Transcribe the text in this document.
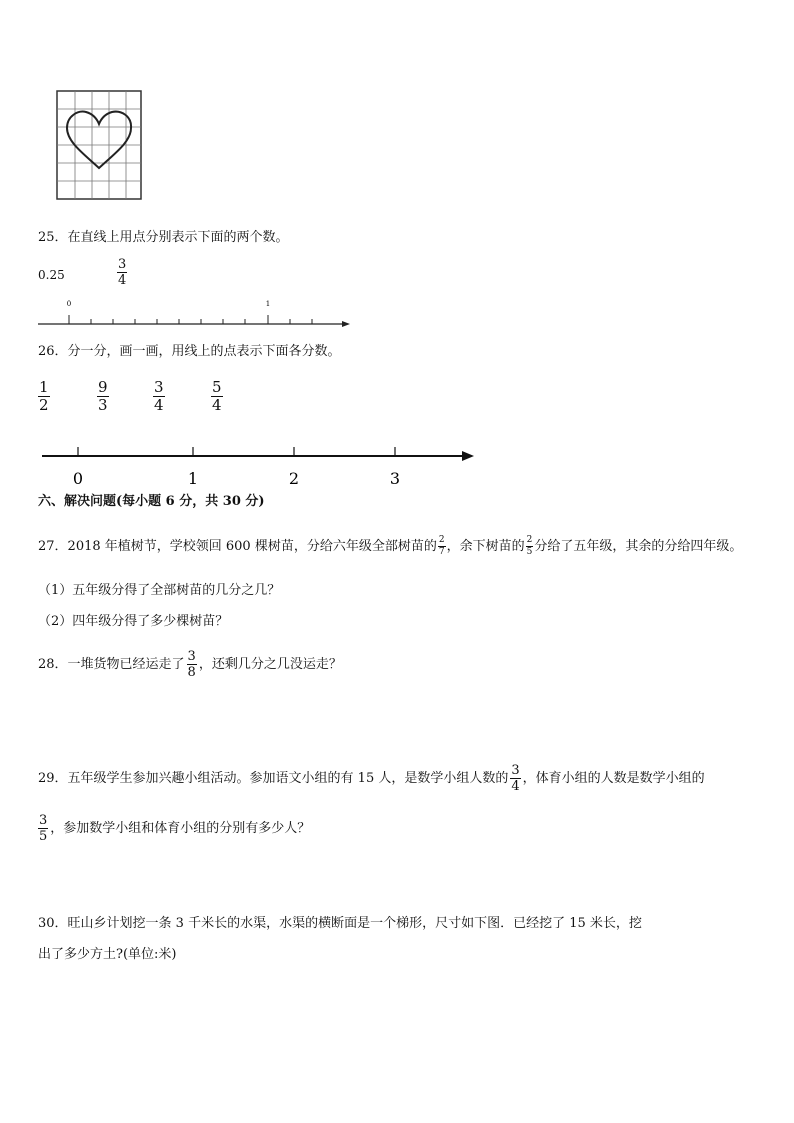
25．在直线上用点分别表示下面的两个数。
0.25	$\frac{3}{4}$
0	1
26．分一分，画一画，用线上的点表示下面各分数。
$\frac{1}{2}$	$\frac{9}{3}$	$\frac{3}{4}$	$\frac{5}{4}$
0	1	2	3
六、解决问题(每小题 6 分，共 30 分)
27．2018 年植树节，学校领回 600 棵树苗，分给六年级全部树苗的 $\frac{2}{7}$ ，余下树苗的 $\frac{2}{5}$ 分给了五年级，其余的分给四年级。
（1）五年级分得了全部树苗的几分之几？
（2）四年级分得了多少棵树苗？
28．一堆货物已经运走了 $\frac{3}{8}$ ，还剩几分之几没运走？
29．五年级学生参加兴趣小组活动。参加语文小组的有 15 人，是数学小组人数的 $\frac{3}{4}$ ，体育小组的人数是数学小组的
$\frac{3}{5}$ ，参加数学小组和体育小组的分别有多少人？
30．旺山乡计划挖一条 3 千米长的水渠，水渠的横断面是一个梯形，尺寸如下图．已经挖了 15 米长，挖
出了多少方土?(单位:米)
